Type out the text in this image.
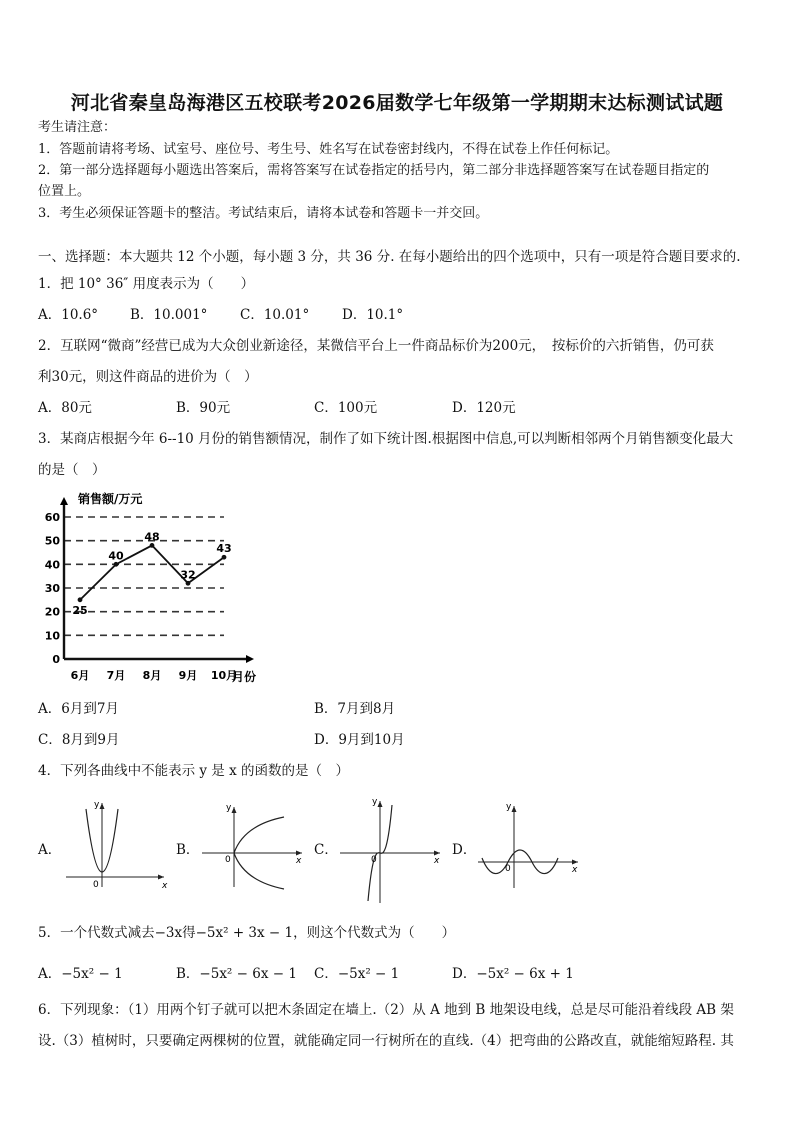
河北省秦皇岛海港区五校联考2026届数学七年级第一学期期末达标测试试题
考生请注意：
1．答题前请将考场、试室号、座位号、考生号、姓名写在试卷密封线内，不得在试卷上作任何标记。
2．第一部分选择题每小题选出答案后，需将答案写在试卷指定的括号内，第二部分非选择题答案写在试卷题目指定的
位置上。
3．考生必须保证答题卡的整洁。考试结束后，请将本试卷和答题卡一并交回。
一、选择题：本大题共 12 个小题，每小题 3 分，共 36 分. 在每小题给出的四个选项中，只有一项是符合题目要求的.
1．把 10° 36″ 用度表示为（　　）
A．10.6° B．10.001° C．10.01° D．10.1°
2．互联网“微商”经营已成为大众创业新途径，某微信平台上一件商品标价为200元，　按标价的六折销售，仍可获
利30元，则这件商品的进价为（　）
A．80元	B．90元	C．100元	D．120元
3．某商店根据今年 6--10 月份的销售额情况，制作了如下统计图.根据图中信息,可以判断相邻两个月销售额变化最大
的是（　）
0
10
20
30
40
50
60
6月 7月 8月 9月 10月
25
40
48
32
43
销售额/万元
月份
A．6月到7月	B．7月到8月
C．8月到9月	D．9月到10月
4．下列各曲线中不能表示 y 是 x 的函数的是（　）
A．
y
x
0
B．
y
x
0
C．
y
x
0
D．
y
x
0
5．一个代数式减去−3x得−5x² + 3x − 1，则这个代数式为（　　）
A．−5x² − 1	B．−5x² − 6x − 1 C．−5x² − 1	D．−5x² − 6x + 1
6．下列现象：（1）用两个钉子就可以把木条固定在墙上.（2）从 A 地到 B 地架设电线，总是尽可能沿着线段 AB 架
设.（3）植树时，只要确定两棵树的位置，就能确定同一行树所在的直线.（4）把弯曲的公路改直，就能缩短路程. 其
